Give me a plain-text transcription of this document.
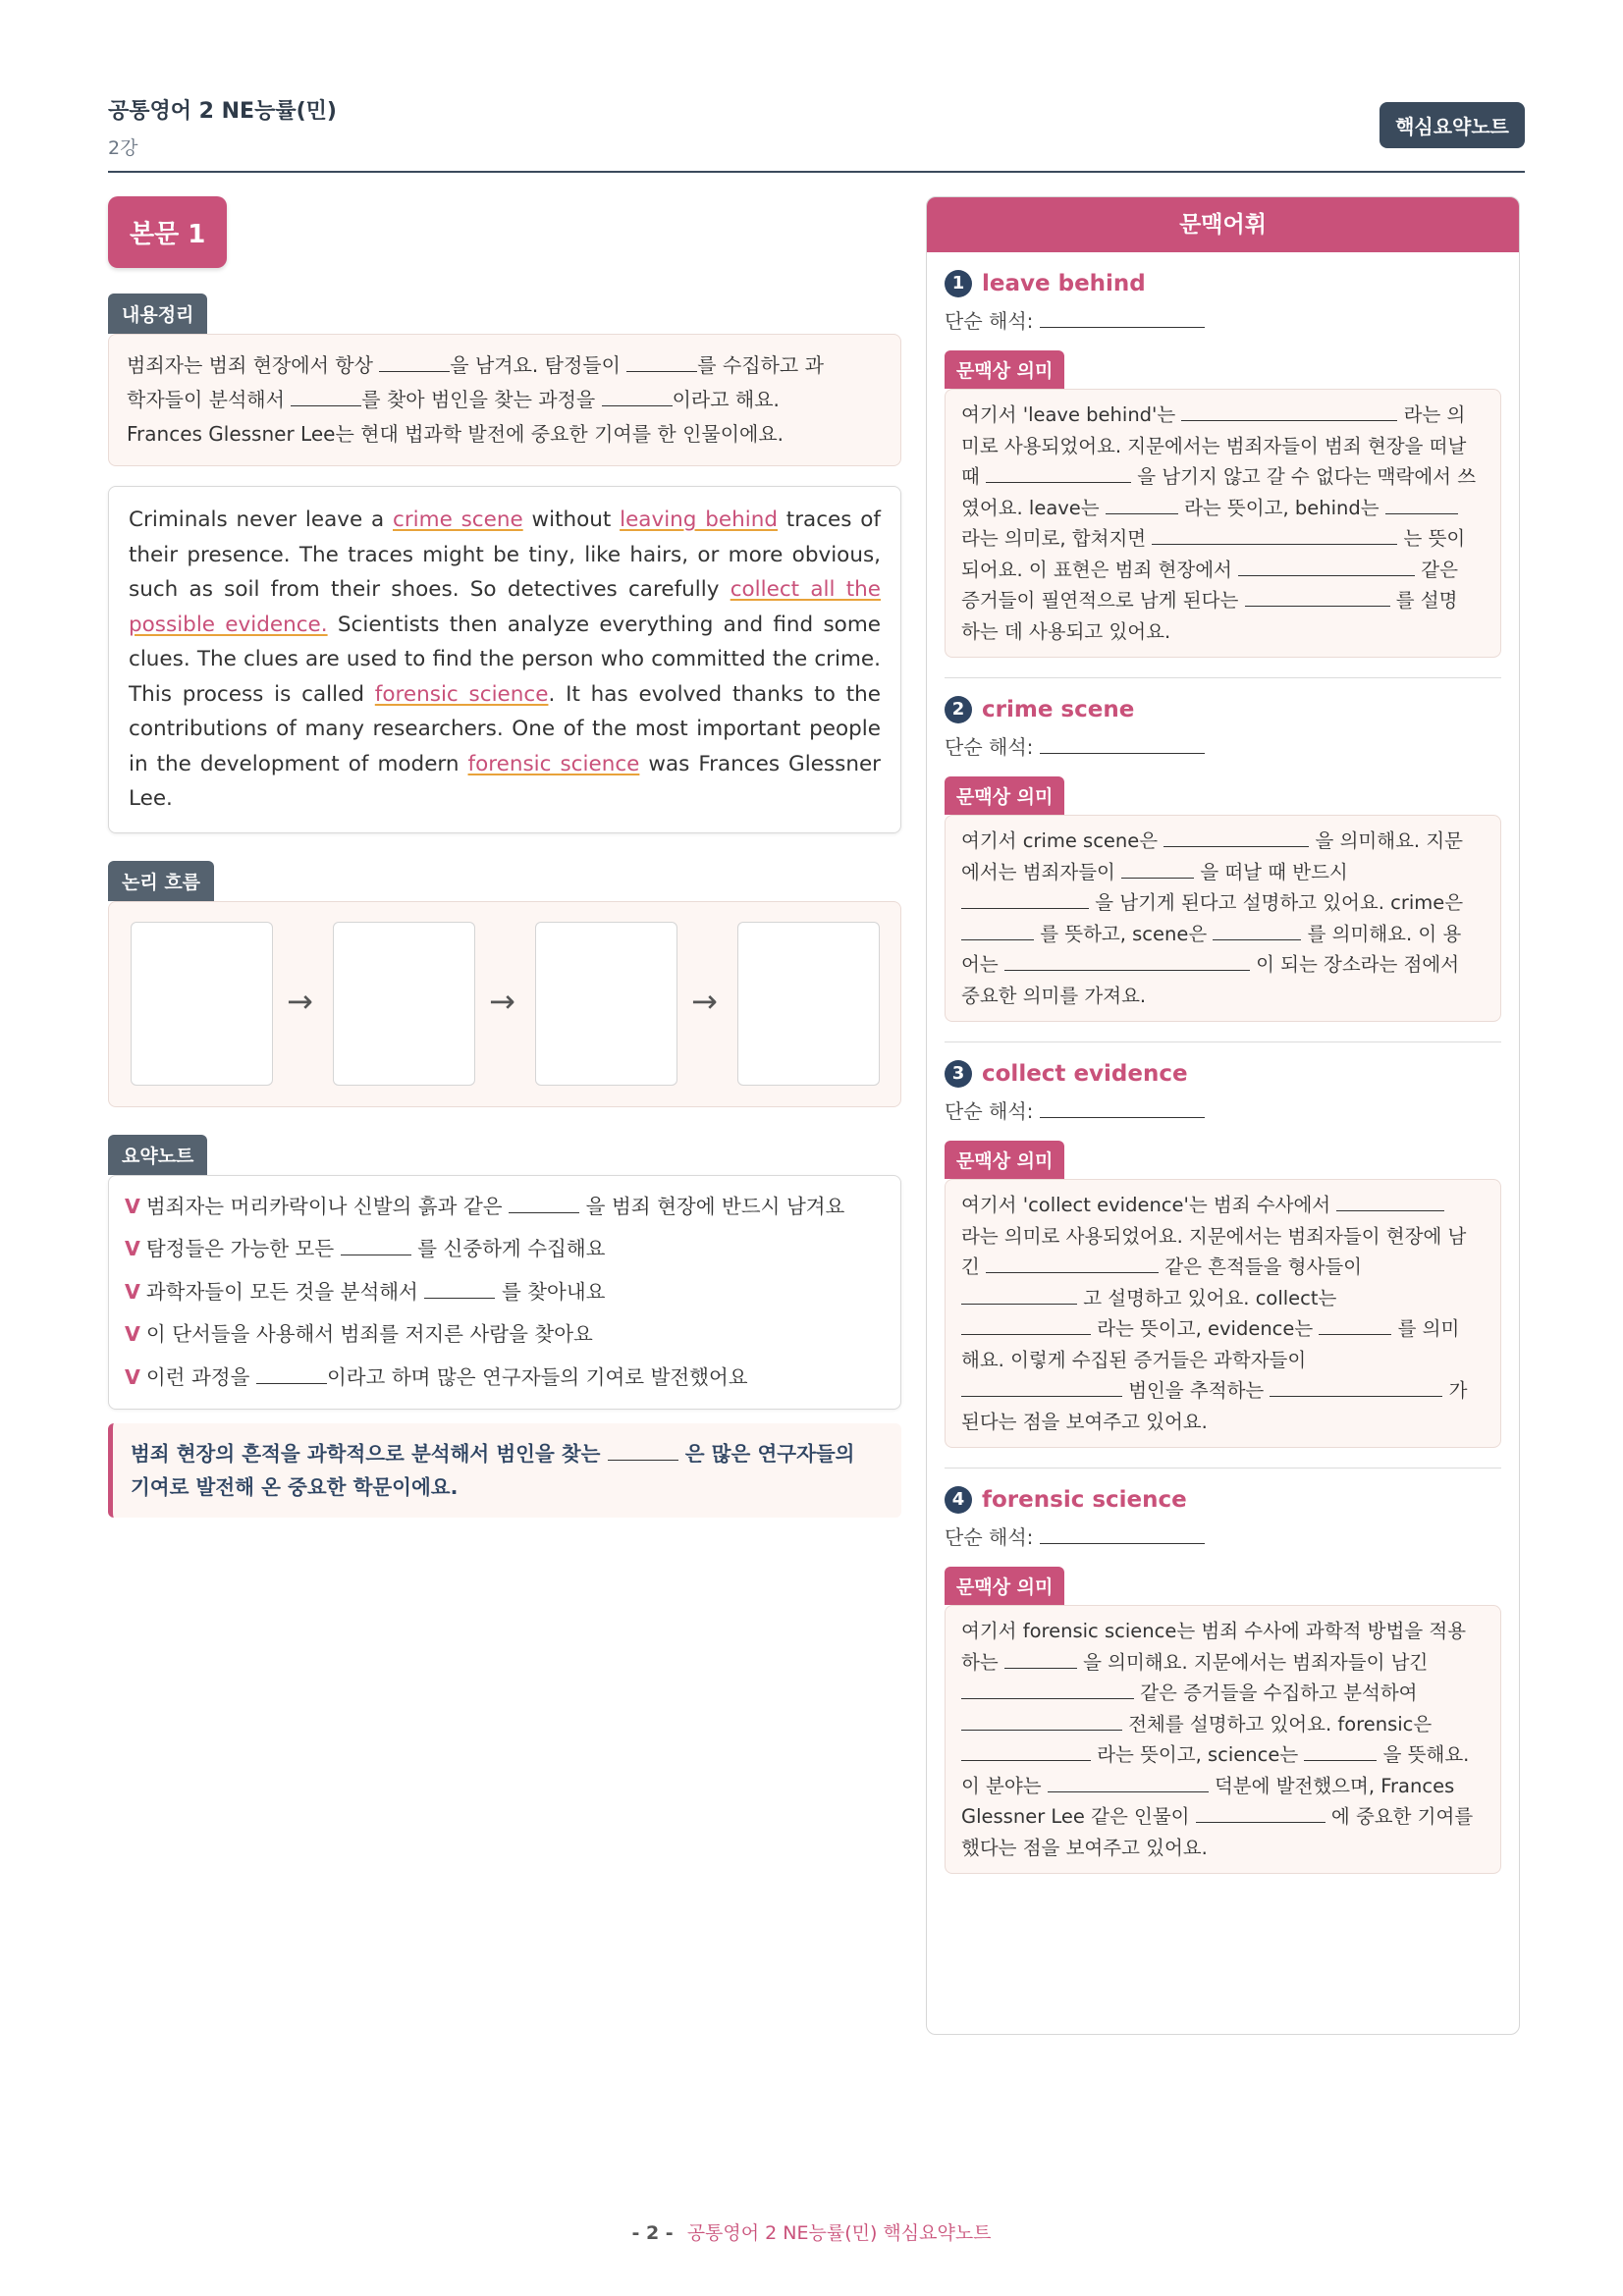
공통영어 2 NE능률(민)
2강
핵심요약노트
본문 1
내용정리
범죄자는 범죄 현장에서 항상	을 남겨요. 탐정들이	를 수집하고 과
학자들이 분석해서	를 찾아 범인을 찾는 과정을	이라고 해요.
Frances Glessner Lee는 현대 법과학 발전에 중요한 기여를 한 인물이에요.
Criminals never leave a crime scene without leaving behind traces of their presence. The traces might be tiny, like hairs, or more obvious, such as soil from their shoes. So detectives carefully collect all the possible evidence. Scientists then analyze everything and find some clues. The clues are used to find the person who committed the crime. This process is called forensic science. It has evolved thanks to the contributions of many researchers. One of the most important people in the development of modern forensic science was Frances Glessner Lee.
논리 흐름
→	→	→
요약노트
V 범죄자는 머리카락이나 신발의 흙과 같은	을 범죄 현장에 반드시 남겨요
V 탐정들은 가능한 모든	를 신중하게 수집해요
V 과학자들이 모든 것을 분석해서	를 찾아내요
V 이 단서들을 사용해서 범죄를 저지른 사람을 찾아요
V 이런 과정을	이라고 하며 많은 연구자들의 기여로 발전했어요
범죄 현장의 흔적을 과학적으로 분석해서 범인을 찾는	은 많은 연구자들의
기여로 발전해 온 중요한 학문이에요.
문맥어휘
1 leave behind
단순 해석:
문맥상 의미
여기서 'leave behind'는	라는 의
미로 사용되었어요. 지문에서는 범죄자들이 범죄 현장을 떠날
때	을 남기지 않고 갈 수 없다는 맥락에서 쓰
였어요. leave는	라는 뜻이고, behind는
라는 의미로, 합쳐지면	는 뜻이
되어요. 이 표현은 범죄 현장에서	같은
증거들이 필연적으로 남게 된다는	를 설명
하는 데 사용되고 있어요.
2 crime scene
단순 해석:
문맥상 의미
여기서 crime scene은	을 의미해요. 지문
에서는 범죄자들이	을 떠날 때 반드시
을 남기게 된다고 설명하고 있어요. crime은
를 뜻하고, scene은	를 의미해요. 이 용
어는	이 되는 장소라는 점에서
중요한 의미를 가져요.
3 collect evidence
단순 해석:
문맥상 의미
여기서 'collect evidence'는 범죄 수사에서
라는 의미로 사용되었어요. 지문에서는 범죄자들이 현장에 남
긴	같은 흔적들을 형사들이
고 설명하고 있어요. collect는
라는 뜻이고, evidence는	를 의미
해요. 이렇게 수집된 증거들은 과학자들이
범인을 추적하는	가
된다는 점을 보여주고 있어요.
4 forensic science
단순 해석:
문맥상 의미
여기서 forensic science는 범죄 수사에 과학적 방법을 적용
하는	을 의미해요. 지문에서는 범죄자들이 남긴
같은 증거들을 수집하고 분석하여
전체를 설명하고 있어요. forensic은
라는 뜻이고, science는	을 뜻해요.
이 분야는	덕분에 발전했으며, Frances
Glessner Lee 같은 인물이	에 중요한 기여를
했다는 점을 보여주고 있어요.
- 2 - 공통영어 2 NE능률(민) 핵심요약노트
